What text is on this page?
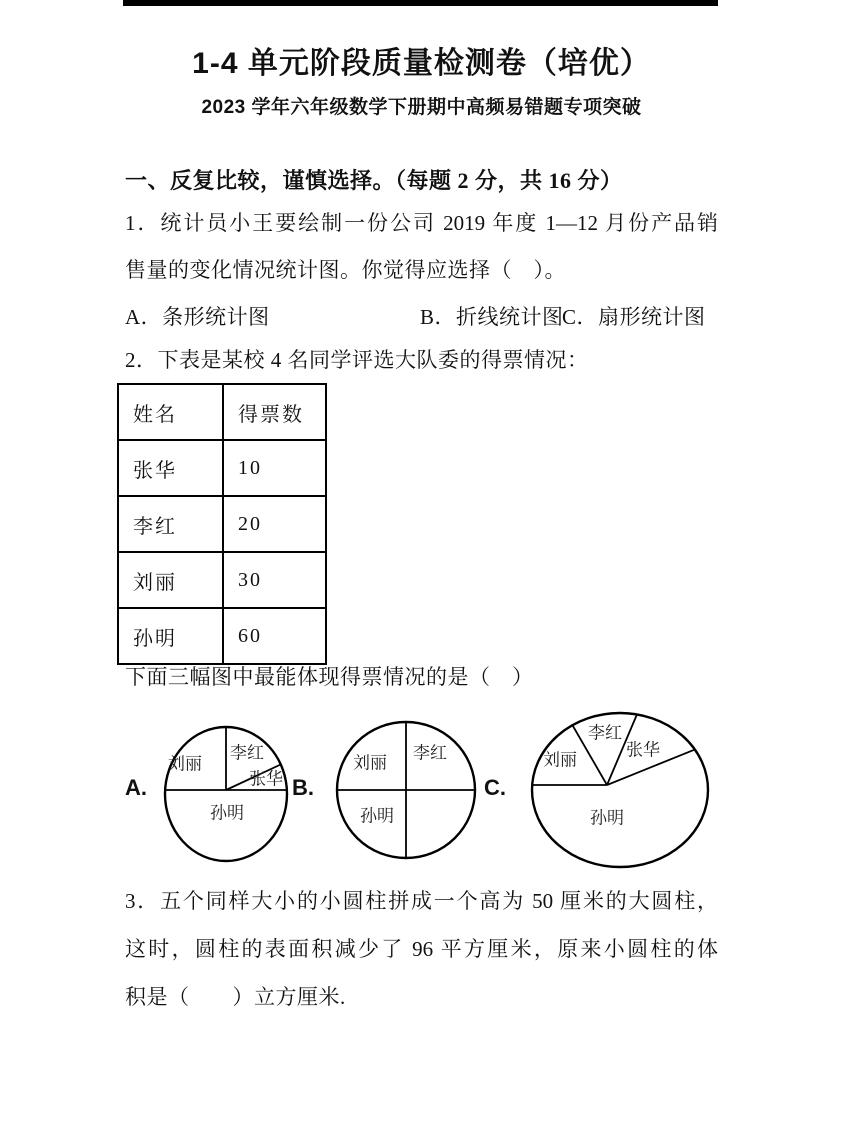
1-4 单元阶段质量检测卷（培优）
2023 学年六年级数学下册期中高频易错题专项突破
一、反复比较，谨慎选择。（每题 2 分，共 16 分）
1．统计员小王要绘制一份公司 2019 年度 1—12 月份产品销
售量的变化情况统计图。你觉得应选择（　）。
A．条形统计图	B．折线统计图
C．扇形统计图
2．下表是某校 4 名同学评选大队委的得票情况：
姓名	得票数
张华	10
李红	20
刘丽	30
孙明	60
下面三幅图中最能体现得票情况的是（　）
A.
刘丽
李红
张华
孙明
B.
刘丽
李红
孙明
C.
刘丽
李红
张华
孙明
3．五个同样大小的小圆柱拼成一个高为 50 厘米的大圆柱，
这时，圆柱的表面积减少了 96 平方厘米，原来小圆柱的体
积是（　　）立方厘米.
